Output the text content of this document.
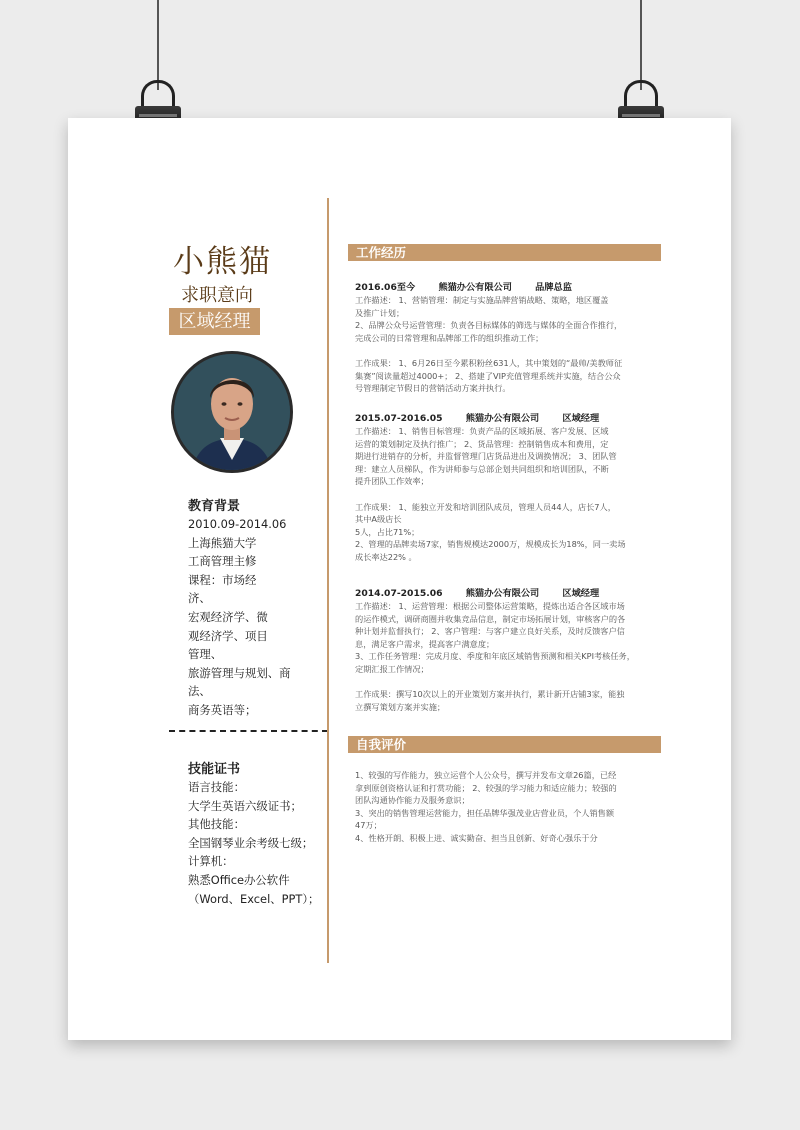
小熊猫
求职意向
区域经理
教育背景
2010.09-2014.06
上海熊猫大学
工商管理主修
课程：市场经
济、
宏观经济学、微
观经济学、项目
管理、
旅游管理与规划、商
法、
商务英语等；
技能证书
语言技能：
大学生英语六级证书；
其他技能：
全国钢琴业余考级七级；
计算机：
熟悉Office办公软件
（Word、Excel、PPT）；
工作经历
2016.06至今	熊猫办公有限公司	品牌总监

工作描述： 1、营销管理：制定与实施品牌营销战略、策略，地区覆盖

及推广计划；

2、品牌公众号运营管理：负责各目标媒体的筛选与媒体的全面合作推行，

完成公司的日常管理和品牌部工作的组织推动工作；

工作成果： 1、6月26日至今累积粉丝631人，其中策划的“最帅/美教师征

集赛”阅读量超过4000+； 2、搭建了VIP充值管理系统并实施，结合公众

号管理制定节假日的营销活动方案并执行。

2015.07-2016.05	熊猫办公有限公司	区域经理

工作描述： 1、销售目标管理：负责产品的区域拓展、客户发展、区域

运营的策划制定及执行推广； 2、货品管理：控制销售成本和费用，定

期进行进销存的分析，并监督管理门店货品进出及调换情况； 3、团队管

理：建立人员梯队，作为讲师参与总部企划共同组织和培训团队，不断

提升团队工作效率；

工作成果： 1、能独立开发和培训团队成员，管理人员44人，店长7人，

其中A级店长

5人，占比71%；

2、管理的品牌卖场7家，销售规模达2000万，规模成长为18%，同一卖场

成长率达22% 。

2014.07-2015.06	熊猫办公有限公司	区域经理

工作描述： 1、运营管理：根据公司整体运营策略，提炼出适合各区域市场

的运作模式，调研商圈并收集竞品信息，制定市场拓展计划，审核客户的各

种计划并监督执行； 2、客户管理：与客户建立良好关系，及时反馈客户信

息，满足客户需求，提高客户满意度；

3、工作任务管理：完成月度、季度和年底区域销售预测和相关KPI考核任务，

定期汇报工作情况；

工作成果：撰写10次以上的开业策划方案并执行，累计新开店铺3家，能独

立撰写策划方案并实施；

自我评价

1、较强的写作能力，独立运营个人公众号，撰写并发布文章26篇，已经

拿到原创资格认证和打赏功能； 2、较强的学习能力和适应能力；较强的

团队沟通协作能力及服务意识；

3、突出的销售管理运营能力，担任品牌华强茂业店营业员，个人销售额

47万；

4、性格开朗、积极上进、诚实勤奋、担当且创新、好奇心强乐于分
